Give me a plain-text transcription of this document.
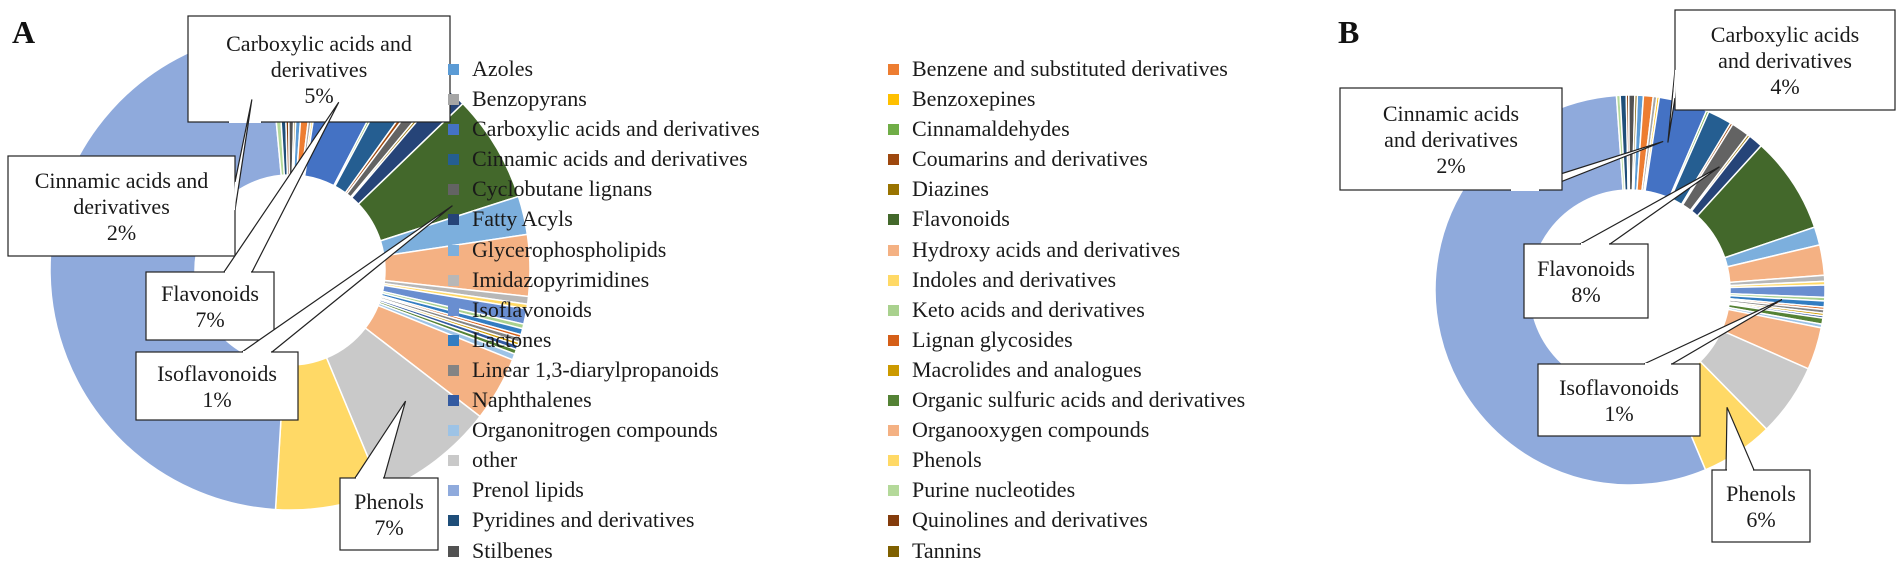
A	B
Carboxylic acids and
derivatives
5%
Cinnamic acids and
derivatives
2%
Flavonoids
7%
Isoflavonoids
1%
Phenols
7%
Carboxylic acids
and derivatives
4%
Cinnamic acids
and derivatives
2%
Flavonoids
8%
Isoflavonoids
1%
Phenols
6%
Azoles
Benzopyrans
Carboxylic acids and derivatives
Cinnamic acids and derivatives
Cyclobutane lignans
Fatty Acyls
Glycerophospholipids
Imidazopyrimidines
Isoflavonoids
Lactones
Linear 1,3-diarylpropanoids
Naphthalenes
Organonitrogen compounds
other
Prenol lipids
Pyridines and derivatives
Stilbenes
Benzene and substituted derivatives
Benzoxepines
Cinnamaldehydes
Coumarins and derivatives
Diazines
Flavonoids
Hydroxy acids and derivatives
Indoles and derivatives
Keto acids and derivatives
Lignan glycosides
Macrolides and analogues
Organic sulfuric acids and derivatives
Organooxygen compounds
Phenols
Purine nucleotides
Quinolines and derivatives
Tannins
